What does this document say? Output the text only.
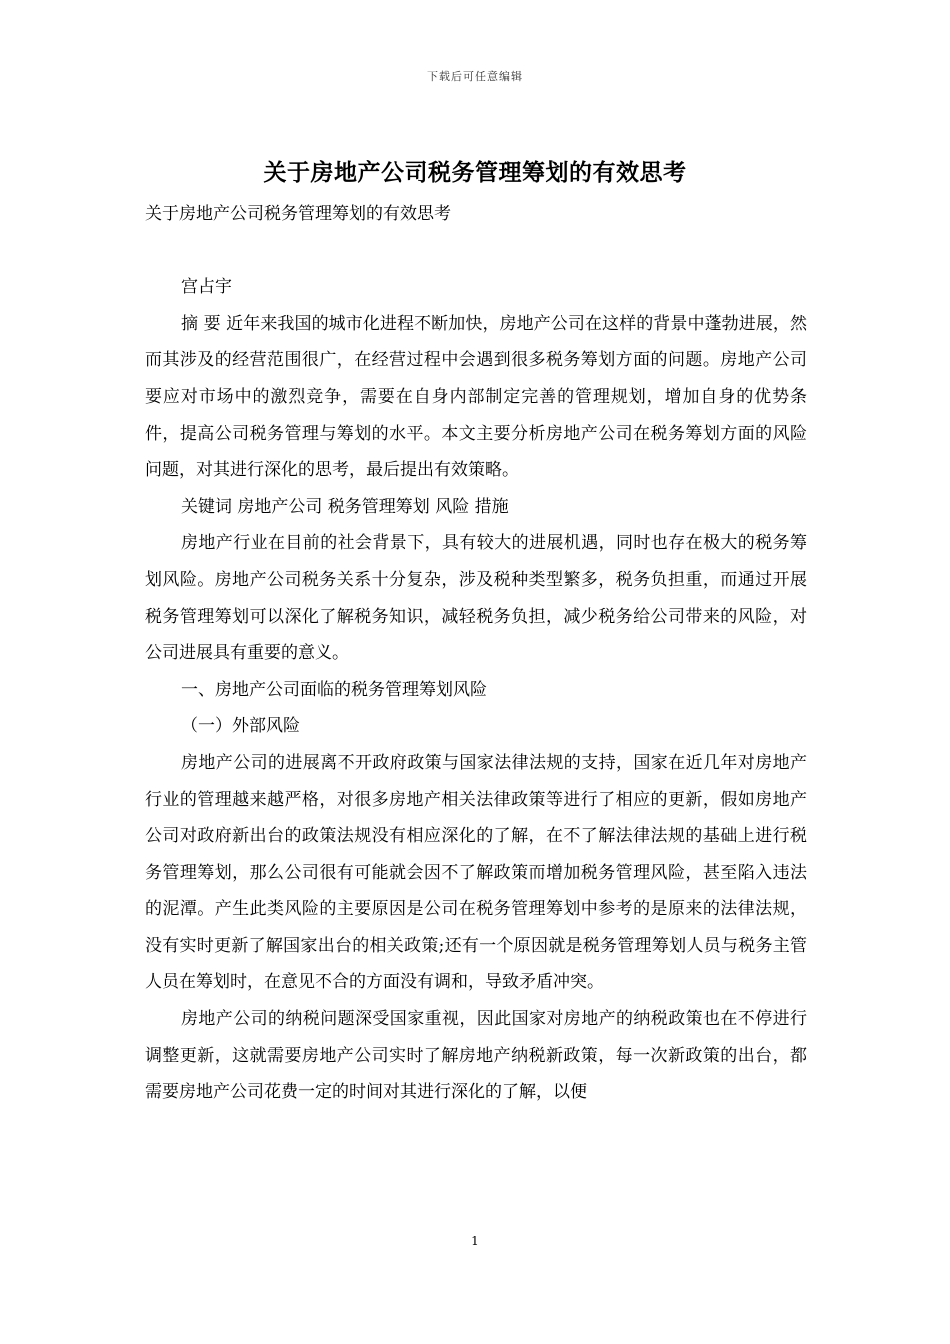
下载后可任意编辑
关于房地产公司税务管理筹划的有效思考

关于房地产公司税务管理筹划的有效思考

宫占宇

摘 要 近年来我国的城市化进程不断加快，房地产公司在这样的背景中蓬勃进展，然而其涉及的经营范围很广，在经营过程中会遇到很多税务筹划方面的问题。房地产公司要应对市场中的激烈竞争，需要在自身内部制定完善的管理规划，增加自身的优势条件，提高公司税务管理与筹划的水平。本文主要分析房地产公司在税务筹划方面的风险问题，对其进行深化的思考，最后提出有效策略。

关键词 房地产公司 税务管理筹划 风险 措施

房地产行业在目前的社会背景下，具有较大的进展机遇，同时也存在极大的税务筹划风险。房地产公司税务关系十分复杂，涉及税种类型繁多，税务负担重，而通过开展税务管理筹划可以深化了解税务知识，减轻税务负担，减少税务给公司带来的风险，对公司进展具有重要的意义。

一、房地产公司面临的税务管理筹划风险

（一）外部风险

房地产公司的进展离不开政府政策与国家法律法规的支持，国家在近几年对房地产行业的管理越来越严格，对很多房地产相关法律政策等进行了相应的更新，假如房地产公司对政府新出台的政策法规没有相应深化的了解，在不了解法律法规的基础上进行税务管理筹划，那么公司很有可能就会因不了解政策而增加税务管理风险，甚至陷入违法的泥潭。产生此类风险的主要原因是公司在税务管理筹划中参考的是原来的法律法规，没有实时更新了解国家出台的相关政策;还有一个原因就是税务管理筹划人员与税务主管人员在筹划时，在意见不合的方面没有调和，导致矛盾冲突。

房地产公司的纳税问题深受国家重视，因此国家对房地产的纳税政策也在不停进行调整更新，这就需要房地产公司实时了解房地产纳税新政策，每一次新政策的出台，都需要房地产公司花费一定的时间对其进行深化的了解，以便

1
